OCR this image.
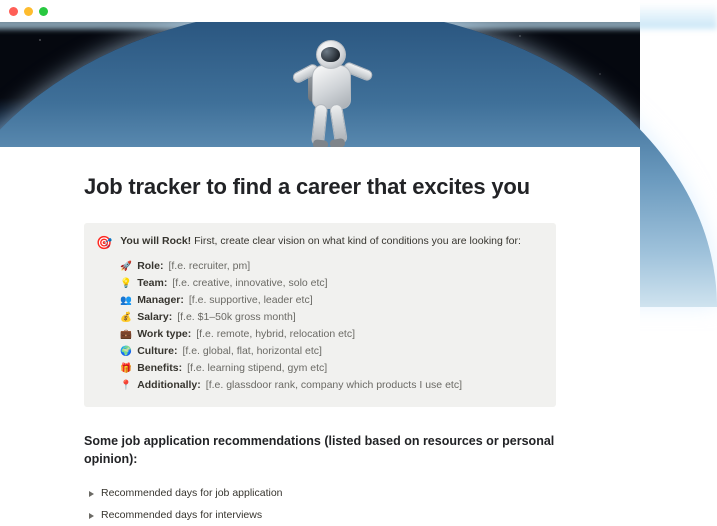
Job tracker to find a career that excites you
🎯 You will Rock! First, create clear vision on what kind of conditions you are looking for:
🚀 Role: [f.e. recruiter, pm]
💡 Team: [f.e. creative, innovative, solo etc]
👥 Manager: [f.e. supportive, leader etc]
💰 Salary: [f.e. $1–50k gross month]
💼 Work type: [f.e. remote, hybrid, relocation etc]
🌍 Culture: [f.e. global, flat, horizontal etc]
🎁 Benefits: [f.e. learning stipend, gym etc]
📍 Additionally: [f.e. glassdoor rank, company which products I use etc]
Some job application recommendations (listed based on resources or personal opinion):
Recommended days for job application
Recommended days for interviews
